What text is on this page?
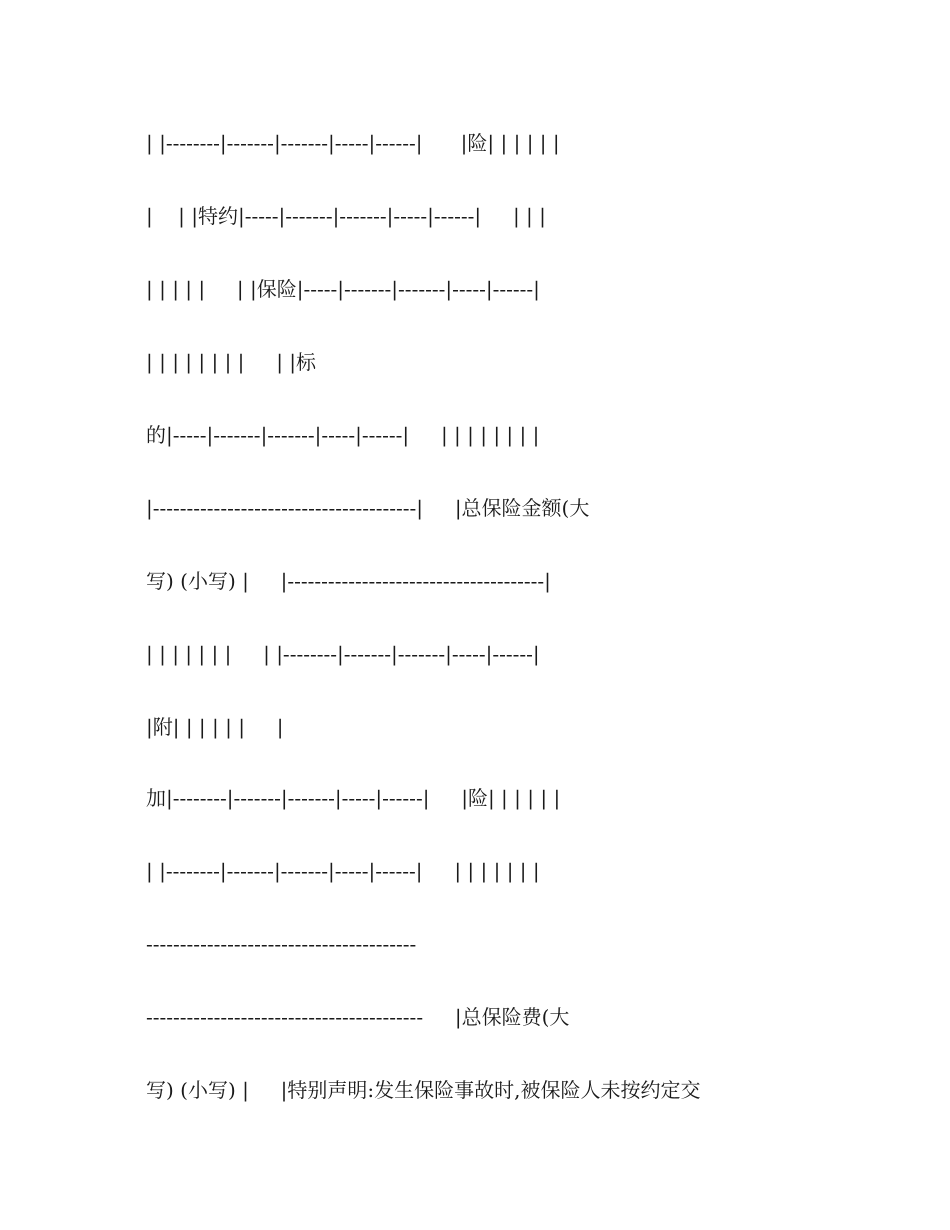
| |--------|-------|-------|-----|------|      |险| | | | | |

|    | |特约|-----|-------|-------|-----|------|     | | |

| | | | |     | |保险|-----|-------|-------|-----|------|

| | | | | | | |     | |标

的|-----|-------|-------|-----|------|     | | | | | | | |

|---------------------------------------|     |总保险金额(大

写) (小写) |     |--------------------------------------|

| | | | | | |     | |--------|-------|-------|-----|------|

|附| | | | | |     |

加|--------|-------|-------|-----|------|     |险| | | | | |

| |--------|-------|-------|-----|------|     | | | | | | |

----------------------------------------

-----------------------------------------     |总保险费(大

写) (小写) |     |特别声明:发生保险事故时,被保险人未按约定交
